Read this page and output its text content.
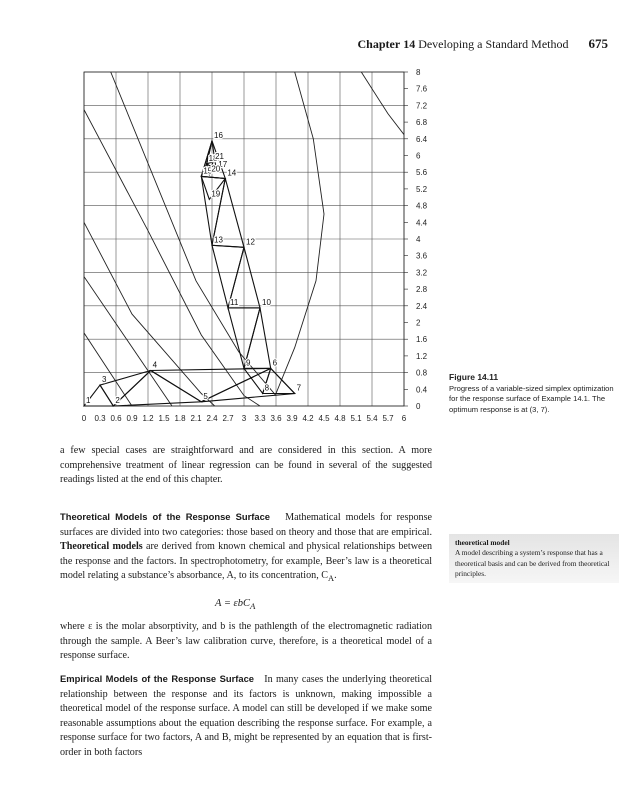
Chapter 14 Developing a Standard Method 675
1	2
3
4
5
6
7
8
9
10
11
12
13
14
15
16
17
18
19
20
21
0 0.3 0.6 0.9 1.2 1.5 1.8 2.1 2.4 2.7 3 3.3 3.6 3.9 4.2 4.5 4.8 5.1 5.4 5.7 6
0
0.4
0.8
1.2
1.6
2
2.4
2.8
3.2
3.6
4
4.4
4.8
5.2
5.6
6
6.4
6.8
7.2
7.6
8
Figure 14.11
Progress of a variable-sized simplex optimization for the response surface of Example 14.1. The optimum response is at (3, 7).

a few special cases are straightforward and are considered in this section. A more comprehensive treatment of linear regression can be found in several of the suggested readings listed at the end of this chapter.

Theoretical Models of the Response Surface Mathematical models for response surfaces are divided into two categories: those based on theory and those that are empirical. Theoretical models are derived from known chemical and physical relationships between the response and the factors. In spectrophotometry, for example, Beer’s law is a theoretical model relating a substance’s absorbance, A, to its concentration, $C_A$.

A = εbC$_A$

where ε is the molar absorptivity, and b is the pathlength of the electromagnetic radiation through the sample. A Beer’s law calibration curve, therefore, is a theoretical model of a response surface.

Empirical Models of the Response Surface In many cases the underlying theoretical relationship between the response and its factors is unknown, making impossible a theoretical model of the response surface. A model can still be developed if we make some reasonable assumptions about the equation describing the response surface. For example, a response surface for two factors, A and B, might be represented by an equation that is first-order in both factors

theoretical model
A model describing a system’s response that has a theoretical basis and can be derived from theoretical principles.
